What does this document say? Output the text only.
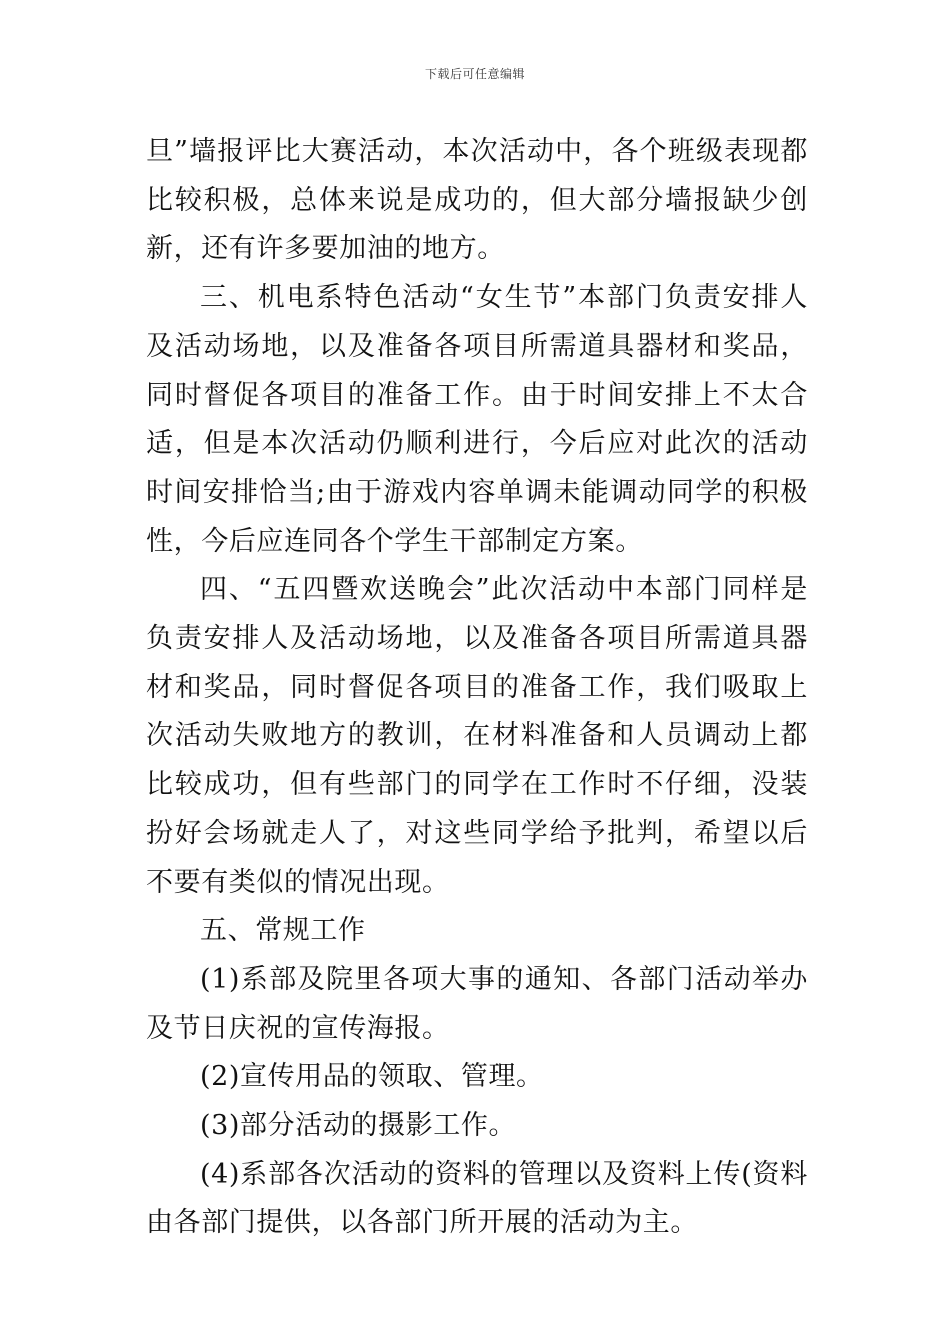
下载后可任意编辑

旦”墙报评比大赛活动，本次活动中，各个班级表现都比较积极，总体来说是成功的，但大部分墙报缺少创新，还有许多要加油的地方。

三、机电系特色活动“女生节”本部门负责安排人及活动场地，以及准备各项目所需道具器材和奖品，同时督促各项目的准备工作。由于时间安排上不太合适，但是本次活动仍顺利进行，今后应对此次的活动时间安排恰当;由于游戏内容单调未能调动同学的积极性，今后应连同各个学生干部制定方案。

四、“五四暨欢送晚会”此次活动中本部门同样是负责安排人及活动场地，以及准备各项目所需道具器材和奖品，同时督促各项目的准备工作，我们吸取上次活动失败地方的教训，在材料准备和人员调动上都比较成功，但有些部门的同学在工作时不仔细，没装扮好会场就走人了，对这些同学给予批判，希望以后不要有类似的情况出现。

五、常规工作

(1)系部及院里各项大事的通知、各部门活动举办及节日庆祝的宣传海报。

(2)宣传用品的领取、管理。

(3)部分活动的摄影工作。

(4)系部各次活动的资料的管理以及资料上传(资料由各部门提供，以各部门所开展的活动为主。
